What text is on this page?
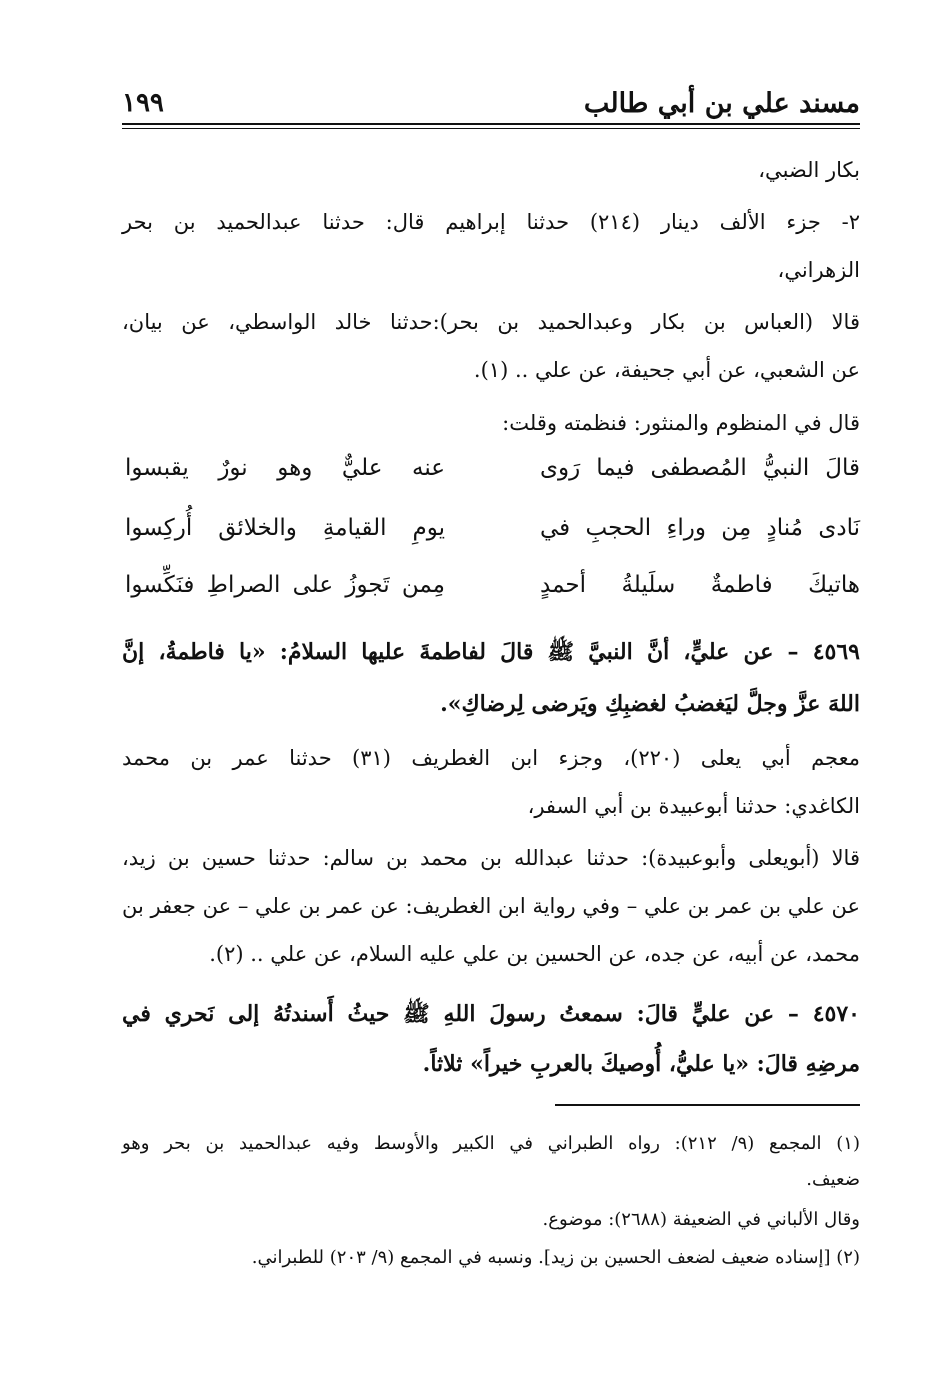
مسند علي بن أبي طالب
١٩٩
بكار الضبي،
٢- جزء الألف دينار (٢١٤) حدثنا إبراهيم قال: حدثنا عبدالحميد بن بحر
الزهراني،
قالا (العباس بن بكار وعبدالحميد بن بحر):حدثنا خالد الواسطي، عن بيان،
عن الشعبي، عن أبي جحيفة، عن علي .. (١).
قال في المنظوم والمنثور: فنظمته وقلت:
قالَ النبيُّ المُصطفى فيما رَوى
عنه عليٌّ وهو نورٌ يقبسوا
نَادى مُنادٍ مِن وراءِ الحجبِ في
يومِ القيامةِ والخلائق أُركِسوا
هاتيكَ فاطمةٌ سلَيلةُ أحمدٍ
مِمن تَجوزُ على الصراطِ فنَكِّسوا
٤٥٦٩ – عن عليٍّ، أنَّ النبيَّ ﷺ قالَ لفاطمةَ عليها السلامُ: «يا فاطمةُ، إنَّ
اللهَ عزَّ وجلَّ ليَغضبُ لغضبِكِ ويَرضى لِرضاكِ».
معجم أبي يعلى (٢٢٠)، وجزء ابن الغطريف (٣١) حدثنا عمر بن محمد
الكاغدي: حدثنا أبوعبيدة بن أبي السفر،
قالا (أبويعلى وأبوعبيدة): حدثنا عبدالله بن محمد بن سالم: حدثنا حسين بن زيد،
عن علي بن عمر بن علي – وفي رواية ابن الغطريف: عن عمر بن علي – عن جعفر بن
محمد، عن أبيه، عن جده، عن الحسين بن علي عليه السلام، عن علي .. (٢).
٤٥٧٠ – عن عليٍّ قالَ: سمعتُ رسولَ اللهِ ﷺ حيثُ أَسندتُهُ إلى نَحري في
مرضِهِ قالَ: «يا عليُّ، أُوصيكَ بالعربِ خيراً» ثلاثاً.
(١) المجمع (٩/ ٢١٢): رواه الطبراني في الكبير والأوسط وفيه عبدالحميد بن بحر وهو
ضعيف.
وقال الألباني في الضعيفة (٢٦٨٨): موضوع.
(٢) [إسناده ضعيف لضعف الحسين بن زيد]. ونسبه في المجمع (٩/ ٢٠٣) للطبراني.
